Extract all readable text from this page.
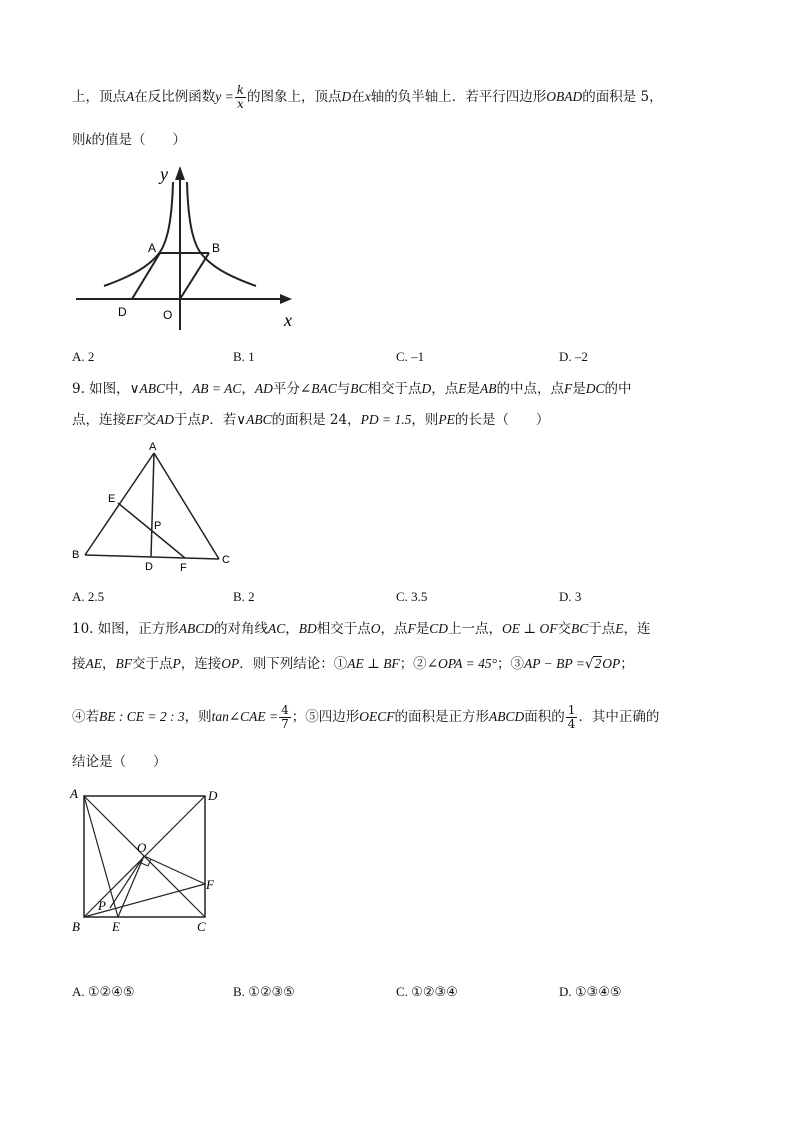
上，顶点A在反比例函数$y = \frac{k}{x}$ 的图象上，顶点D在x轴的负半轴上．若平行四边形OBAD的面积是 5，
则k的值是（　　）
y
x
A	B
D	O
A. 2	B. 1	C. –1	D. –2
9. 如图，∨ABC中，AB = AC，AD平分∠BAC与BC相交于点D，点E是AB的中点，点F是DC的中
点，连接EF交AD于点P．若∨ABC的面积是 24，PD = 1.5，则PE的长是（　　）
A
B	C
D
E
F
P
A. 2.5	B. 2	C. 3.5	D. 3
10. 如图，正方形ABCD的对角线AC，BD相交于点O，点F是CD上一点，OE ⊥ OF交BC于点E，连
接AE，BF交于点P，连接OP．则下列结论：①AE ⊥ BF；②∠OPA = 45°；③AP − BP =√2OP；
④若BE : CE = 2 : 3，则tan∠CAE = $\frac{4}{7}$ ；⑤四边形OECF的面积是正方形ABCD面积的 $\frac{1}{4}$ ．其中正确的
结论是（　　）
A	D
B	C
E
F
O
P
A. ①②④⑤	B. ①②③⑤	C. ①②③④	D. ①③④⑤
